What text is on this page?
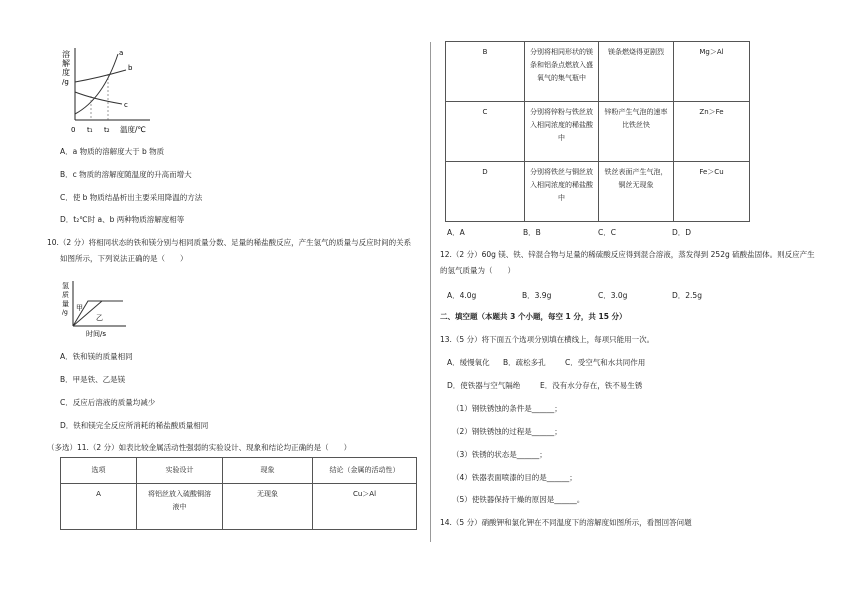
溶
解
度
/g
a
b
c
0 t₁ t₂ 温度/℃
A．a 物质的溶解度大于 b 物质
B．c 物质的溶解度随温度的升高而增大
C．使 b 物质结晶析出主要采用降温的方法
D．t₂℃时 a、b 两种物质溶解度相等
10.（2 分）将相同状态的铁和镁分别与相同质量分数、足量的稀盐酸反应，产生氢气的质量与反应时间的关系
如图所示，下列说法正确的是（　　）
氢
质
量
/g
甲
乙
时间/s
A．铁和镁的质量相同
B．甲是铁、乙是镁
C．反应后溶液的质量均减少
D．铁和镁完全反应所消耗的稀盐酸质量相同
（多选）11.（2 分）如表比较金属活动性强弱的实验设计、现象和结论均正确的是（　　）
选项	实验设计	现象	结论（金属的活动性）
A	将铝丝放入硫酸铜溶液中	无现象	Cu＞Al
B	分别将相同形状的镁条和铝条点燃放入盛氧气的集气瓶中	镁条燃烧得更剧烈	Mg＞Al
C	分别将锌粉与铁丝放入相同浓度的稀盐酸中	锌粉产生气泡的速率比铁丝快	Zn＞Fe
D	分别将铁丝与铜丝放入相同浓度的稀盐酸中	铁丝表面产生气泡，铜丝无现象	Fe＞Cu
A．A	B．B	C．C	D．D
12.（2 分）60g 镁、铁、锌混合物与足量的稀硫酸反应得到混合溶液，蒸发得到 252g 硫酸盐固体。则反应产生
的氢气质量为（　　）
A．4.0g	B．3.9g	C．3.0g	D．2.5g
二、填空题（本题共 3 个小题，每空 1 分，共 15 分）
13.（5 分）将下面五个选项分别填在横线上，每项只能用一次。
A．缓慢氧化 B．疏松多孔	C．受空气和水共同作用
D．使铁器与空气隔绝	E．没有水分存在，铁不易生锈
（1）钢铁锈蚀的条件是______；
（2）钢铁锈蚀的过程是______；
（3）铁锈的状态是______；
（4）铁器表面喷漆的目的是______；
（5）使铁器保持干燥的原因是______。
14.（5 分）硝酸钾和氯化钾在不同温度下的溶解度如图所示，看图回答问题
